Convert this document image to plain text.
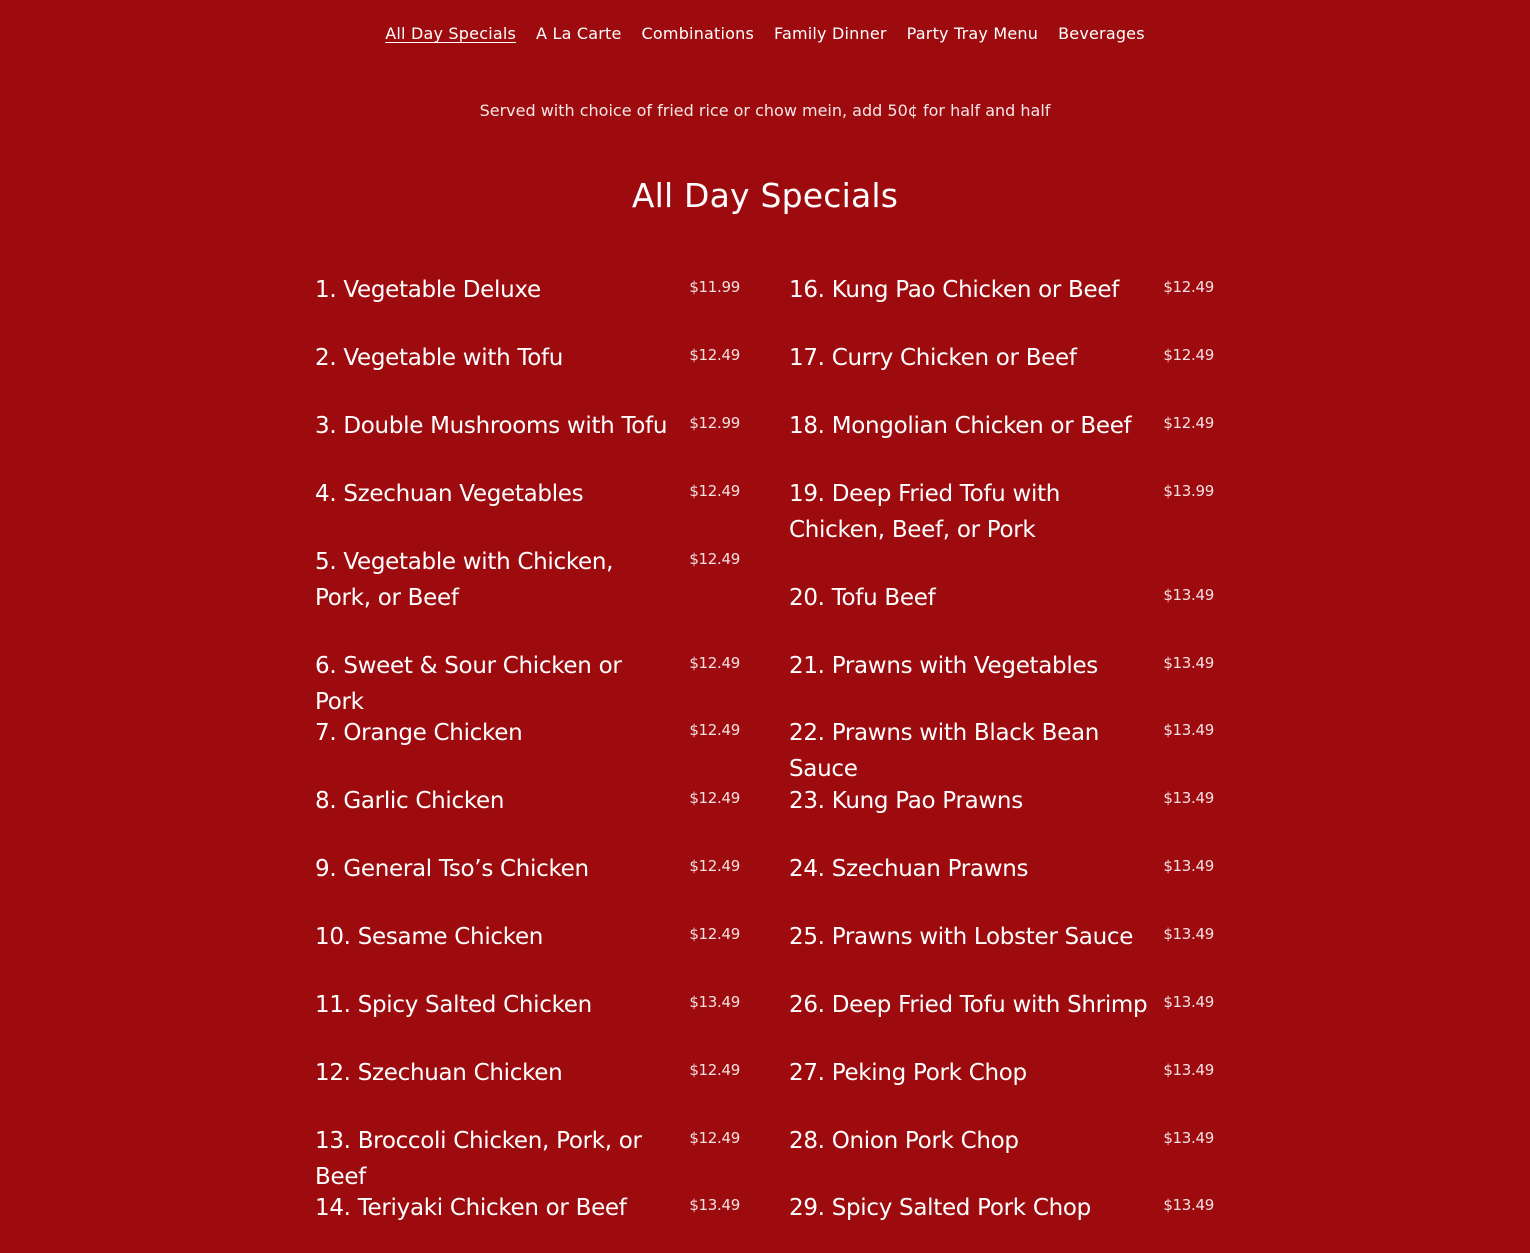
All Day Specials A La Carte Combinations Family Dinner Party Tray Menu Beverages
Served with choice of fried rice or chow mein, add 50¢ for half and half
All Day Specials
1. Vegetable Deluxe	$11.99
2. Vegetable with Tofu	$12.49
3. Double Mushrooms with Tofu	$12.99
4. Szechuan Vegetables	$12.49
5. Vegetable with Chicken, Pork, or Beef
$12.49
6. Sweet & Sour Chicken or Pork
$12.49
7. Orange Chicken	$12.49
8. Garlic Chicken	$12.49
9. General Tso’s Chicken	$12.49
10. Sesame Chicken	$12.49
11. Spicy Salted Chicken	$13.49
12. Szechuan Chicken	$12.49
13. Broccoli Chicken, Pork, or Beef
$12.49
14. Teriyaki Chicken or Beef	$13.49
16. Kung Pao Chicken or Beef	$12.49
17. Curry Chicken or Beef	$12.49
18. Mongolian Chicken or Beef	$12.49
19. Deep Fried Tofu with Chicken, Beef, or Pork
$13.99
20. Tofu Beef	$13.49
21. Prawns with Vegetables	$13.49
22. Prawns with Black Bean Sauce
$13.49
23. Kung Pao Prawns	$13.49
24. Szechuan Prawns	$13.49
25. Prawns with Lobster Sauce	$13.49
26. Deep Fried Tofu with Shrimp $13.49
27. Peking Pork Chop	$13.49
28. Onion Pork Chop	$13.49
29. Spicy Salted Pork Chop	$13.49
